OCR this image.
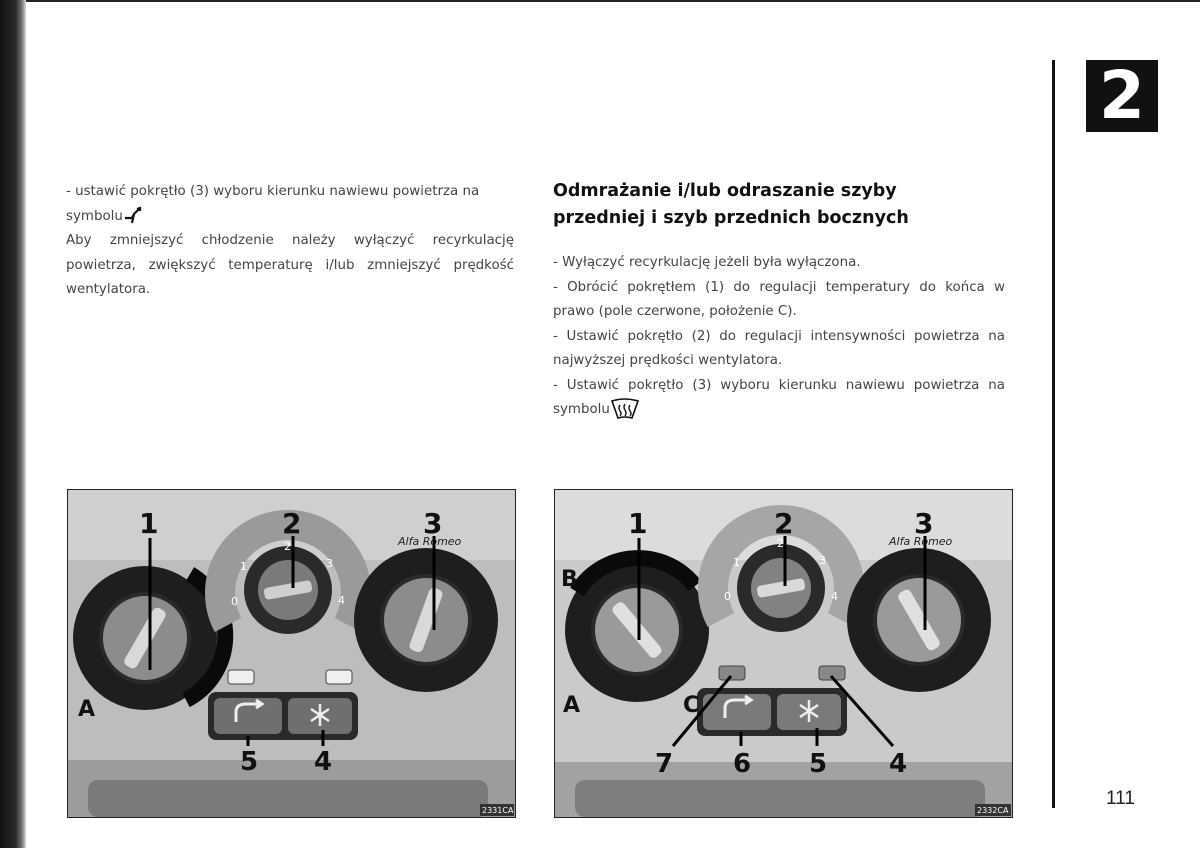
- ustawić pokrętło (3) wyboru kierunku nawiewu powietrza na

symbolu

Aby zmniejszyć chłodzenie należy wyłączyć recyrkulację powietrza, zwiększyć temperaturę i/lub zmniejszyć prędkość wentylatora.

Odmrażanie i/lub odraszanie szyby
przedniej i szyb przednich bocznych

- Wyłączyć recyrkulację jeżeli była wyłączona.

- Obrócić pokrętłem (1) do regulacji temperatury do końca w prawo (pole czerwone, położenie C).

- Ustawić pokrętło (2) do regulacji intensywności powietrza na najwyższej prędkości wentylatora.

- Ustawić pokrętło (3) wyboru kierunku nawiewu powietrza na symbolu

2
111
1	2	3
5 4
A
0
1
2
3
4
Alfa Romeo
2331CA
1	2	3
7 6 5 4
A
B
C
0
1
2
3
4
Alfa Romeo
2332CA
